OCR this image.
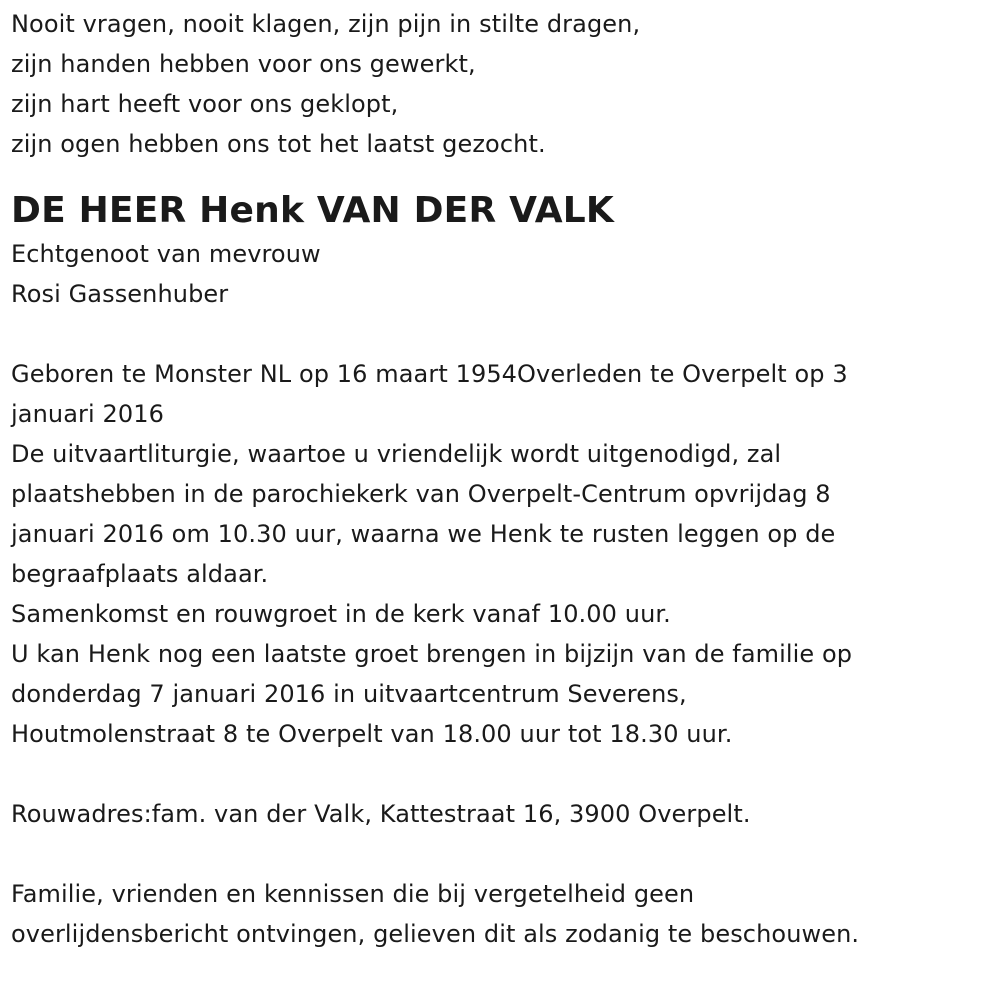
Nooit vragen, nooit klagen, zijn pijn in stilte dragen,
zijn handen hebben voor ons gewerkt,
zijn hart heeft voor ons geklopt,
zijn ogen hebben ons tot het laatst gezocht.
DE HEER Henk VAN DER VALK
Echtgenoot van mevrouw
Rosi Gassenhuber
Geboren te Monster NL op 16 maart 1954Overleden te Overpelt op 3
januari 2016
De uitvaartliturgie, waartoe u vriendelijk wordt uitgenodigd, zal
plaatshebben in de parochiekerk van Overpelt-Centrum opvrijdag 8
januari 2016 om 10.30 uur, waarna we Henk te rusten leggen op de
begraafplaats aldaar.
Samenkomst en rouwgroet in de kerk vanaf 10.00 uur.
U kan Henk nog een laatste groet brengen in bijzijn van de familie op
donderdag 7 januari 2016 in uitvaartcentrum Severens,
Houtmolenstraat 8 te Overpelt van 18.00 uur tot 18.30 uur.
Rouwadres:fam. van der Valk, Kattestraat 16, 3900 Overpelt.
Familie, vrienden en kennissen die bij vergetelheid geen
overlijdensbericht ontvingen, gelieven dit als zodanig te beschouwen.
